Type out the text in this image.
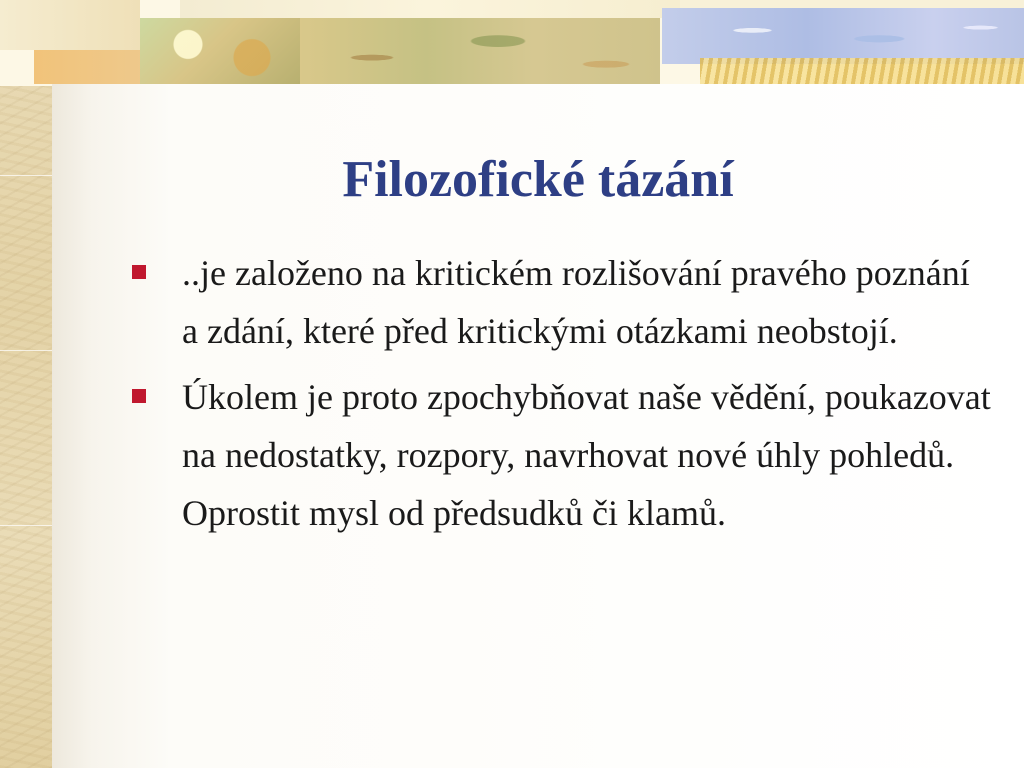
Filozofické tázání
..je založeno na kritickém rozlišování pravého poznání a zdání, které před kritickými otázkami neobstojí.
Úkolem je proto zpochybňovat naše vědění, poukazovat na nedostatky, rozpory, navrhovat nové úhly pohledů. Oprostit mysl od předsudků či klamů.
